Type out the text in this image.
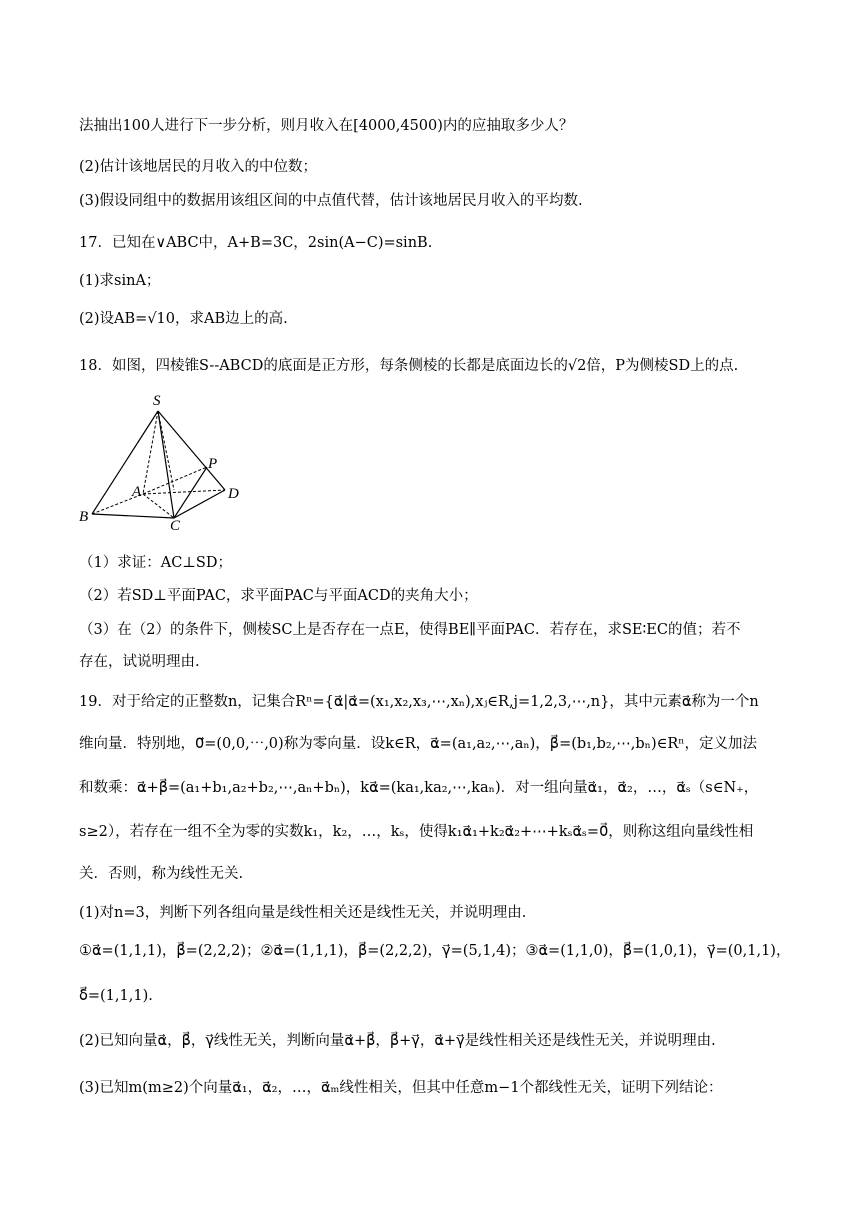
法抽出100人进行下一步分析，则月收入在[4000,4500)内的应抽取多少人？
(2)估计该地居民的月收入的中位数；
(3)假设同组中的数据用该组区间的中点值代替，估计该地居民月收入的平均数.
17．已知在∨ABC中，A+B=3C，2sin(A−C)=sinB.
(1)求sinA；
(2)设AB=√10，求AB边上的高.
18．如图，四棱锥S--ABCD的底面是正方形，每条侧棱的长都是底面边长的√2倍，P为侧棱SD上的点.
S
P
A	D
B
C
（1）求证：AC⊥SD；
（2）若SD⊥平面PAC，求平面PAC与平面ACD的夹角大小；
（3）在（2）的条件下，侧棱SC上是否存在一点E，使得BE∥平面PAC．若存在，求SE∶EC的值；若不
存在，试说明理由.
19．对于给定的正整数n，记集合Rⁿ={α⃗|α⃗=(x₁,x₂,x₃,⋯,xₙ),xⱼ∈R,j=1,2,3,⋯,n}，其中元素α⃗称为一个n
维向量．特别地，0⃗=(0,0,⋯,0)称为零向量．设k∈R，α⃗=(a₁,a₂,⋯,aₙ)，β⃗=(b₁,b₂,⋯,bₙ)∈Rⁿ，定义加法
和数乘：α⃗+β⃗=(a₁+b₁,a₂+b₂,⋯,aₙ+bₙ)，kα⃗=(ka₁,ka₂,⋯,kaₙ)．对一组向量α⃗₁，α⃗₂，…，α⃗ₛ（s∈N₊，
s≥2），若存在一组不全为零的实数k₁，k₂，…，kₛ，使得k₁α⃗₁+k₂α⃗₂+⋯+kₛα⃗ₛ=0⃗，则称这组向量线性相
关．否则，称为线性无关.
(1)对n=3，判断下列各组向量是线性相关还是线性无关，并说明理由.
①α⃗=(1,1,1)，β⃗=(2,2,2)；②α⃗=(1,1,1)，β⃗=(2,2,2)，γ⃗=(5,1,4)；③α⃗=(1,1,0)，β⃗=(1,0,1)，γ⃗=(0,1,1)，
δ⃗=(1,1,1).
(2)已知向量α⃗，β⃗，γ⃗线性无关，判断向量α⃗+β⃗，β⃗+γ⃗，α⃗+γ⃗是线性相关还是线性无关，并说明理由.
(3)已知m(m≥2)个向量α⃗₁，α⃗₂，…，α⃗ₘ线性相关，但其中任意m−1个都线性无关，证明下列结论：
